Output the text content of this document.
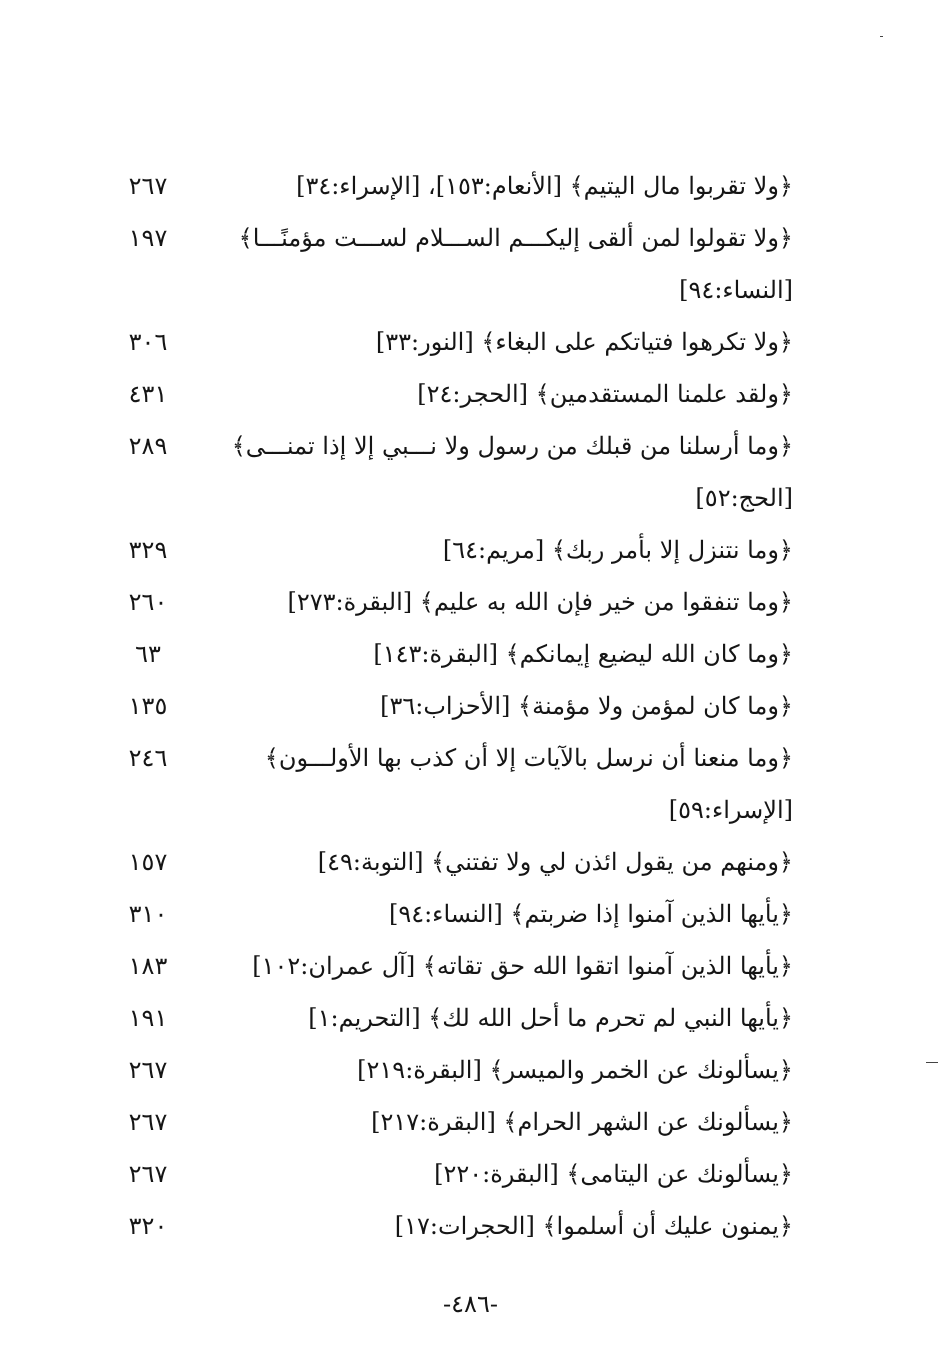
﴿ولا تقربوا مال اليتيم﴾ [الأنعام:١٥٣]، [الإسراء:٣٤]
٢٦٧
﴿ولا تقولوا لمن ألقى إليكـــم الســـلام لســـت مؤمنًـــا﴾
[النساء:٩٤]
١٩٧
﴿ولا تكرهوا فتياتكم على البغاء﴾ [النور:٣٣]
٣٠٦
﴿ولقد علمنا المستقدمين﴾ [الحجر:٢٤]
٤٣١
﴿وما أرسلنا من قبلك من رسول ولا نـــبي إلا إذا تمنـــى﴾
[الحج:٥٢]
٢٨٩
﴿وما نتنزل إلا بأمر ربك﴾ [مريم:٦٤]
٣٢٩
﴿وما تنفقوا من خير فإن الله به عليم﴾ [البقرة:٢٧٣]
٢٦٠
﴿وما كان الله ليضيع إيمانكم﴾ [البقرة:١٤٣]
٦٣
﴿وما كان لمؤمن ولا مؤمنة﴾ [الأحزاب:٣٦]
١٣٥
﴿وما منعنا أن نرسل بالآيات إلا أن كذب بها الأولـــون﴾
[الإسراء:٥٩]
٢٤٦
﴿ومنهم من يقول ائذن لي ولا تفتني﴾ [التوبة:٤٩]
١٥٧
﴿يأيها الذين آمنوا إذا ضربتم﴾ [النساء:٩٤]
٣١٠
﴿يأيها الذين آمنوا اتقوا الله حق تقاته﴾ [آل عمران:١٠٢]
١٨٣
﴿يأيها النبي لم تحرم ما أحل الله لك﴾ [التحريم:١]
١٩١
﴿يسألونك عن الخمر والميسر﴾ [البقرة:٢١٩]
٢٦٧
﴿يسألونك عن الشهر الحرام﴾ [البقرة:٢١٧]
٢٦٧
﴿يسألونك عن اليتامى﴾ [البقرة:٢٢٠]
٢٦٧
﴿يمنون عليك أن أسلموا﴾ [الحجرات:١٧]
٣٢٠
-٤٨٦-
